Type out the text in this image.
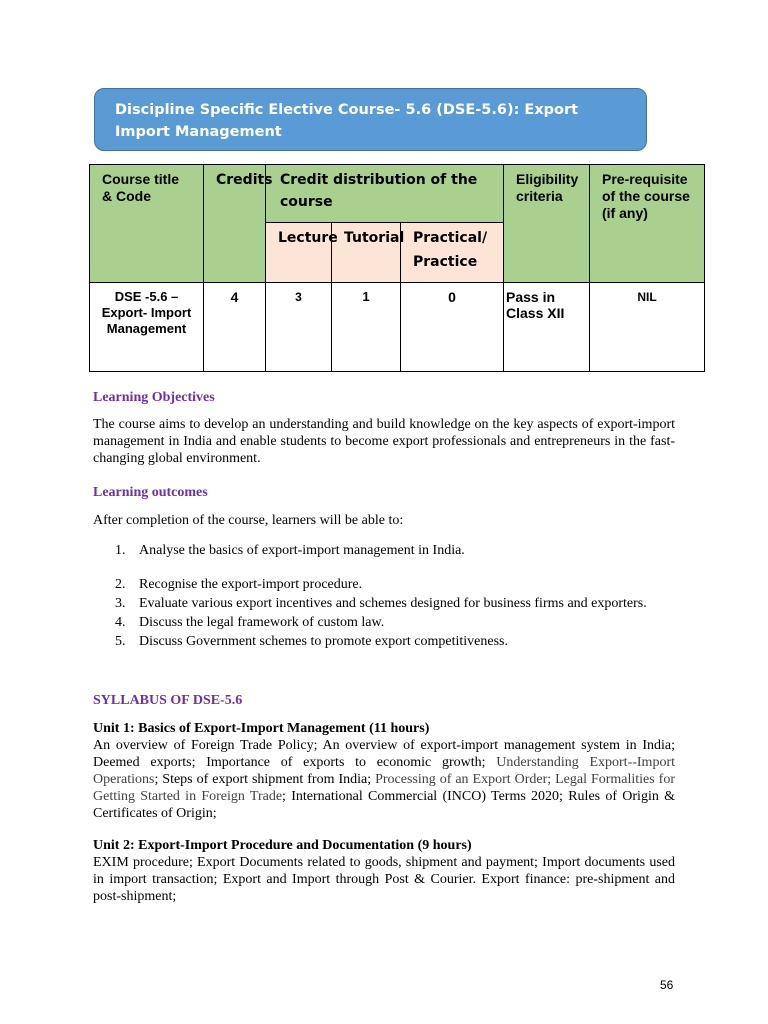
Discipline Specific Elective Course- 5.6 (DSE-5.6): Export Import Management
Course title & Code	Credits	Credit distribution of the course			Eligibility criteria	Pre-requisite of the course (if any)
		Lecture	Tutorial	Practical/ Practice		
DSE -5.6 – Export- Import Management	4	3	1	0	Pass in Class XII	NIL
Learning Objectives
The course aims to develop an understanding and build knowledge on the key aspects of export-import management in India and enable students to become export professionals and entrepreneurs in the fast-changing global environment.
Learning outcomes
After completion of the course, learners will be able to:
1. Analyse the basics of export-import management in India.
2. Recognise the export-import procedure.
3. Evaluate various export incentives and schemes designed for business firms and exporters.
4. Discuss the legal framework of custom law.
5. Discuss Government schemes to promote export competitiveness.
SYLLABUS OF DSE-5.6
Unit 1: Basics of Export-Import Management (11 hours)
An overview of Foreign Trade Policy; An overview of export-import management system in India; Deemed exports; Importance of exports to economic growth; Understanding Export--Import Operations; Steps of export shipment from India; Processing of an Export Order; Legal Formalities for Getting Started in Foreign Trade; International Commercial (INCO) Terms 2020; Rules of Origin & Certificates of Origin;
Unit 2: Export-Import Procedure and Documentation (9 hours)
EXIM procedure; Export Documents related to goods, shipment and payment; Import documents used in import transaction; Export and Import through Post & Courier. Export finance: pre-shipment and post-shipment;
56
